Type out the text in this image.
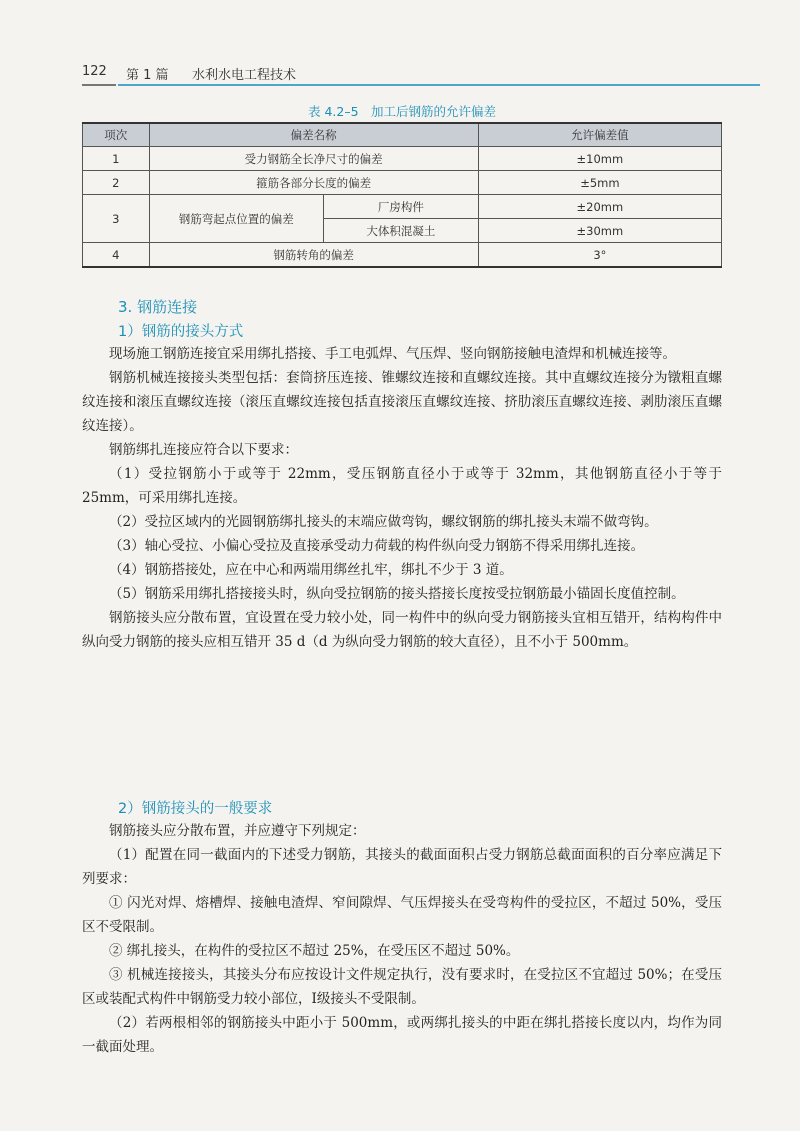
122 第 1 篇 水利水电工程技术
表 4.2–5　加工后钢筋的允许偏差
项次	偏差名称		允许偏差值
1	受力钢筋全长净尺寸的偏差		±10mm
2	箍筋各部分长度的偏差		±5mm
3	钢筋弯起点位置的偏差	厂房构件	±20mm
		大体积混凝土	±30mm
4	钢筋转角的偏差		3°
3. 钢筋连接
1）钢筋的接头方式

现场施工钢筋连接宜采用绑扎搭接、手工电弧焊、气压焊、竖向钢筋接触电渣焊和机械连接等。

钢筋机械连接接头类型包括：套筒挤压连接、锥螺纹连接和直螺纹连接。其中直螺纹连接分为镦粗直螺纹连接和滚压直螺纹连接（滚压直螺纹连接包括直接滚压直螺纹连接、挤肋滚压直螺纹连接、剥肋滚压直螺纹连接）。

钢筋绑扎连接应符合以下要求：

（1）受拉钢筋小于或等于 22mm，受压钢筋直径小于或等于 32mm，其他钢筋直径小于等于 25mm，可采用绑扎连接。

（2）受拉区域内的光圆钢筋绑扎接头的末端应做弯钩，螺纹钢筋的绑扎接头末端不做弯钩。

（3）轴心受拉、小偏心受拉及直接承受动力荷载的构件纵向受力钢筋不得采用绑扎连接。

（4）钢筋搭接处，应在中心和两端用绑丝扎牢，绑扎不少于 3 道。

（5）钢筋采用绑扎搭接接头时，纵向受拉钢筋的接头搭接长度按受拉钢筋最小锚固长度值控制。

钢筋接头应分散布置，宜设置在受力较小处，同一构件中的纵向受力钢筋接头宜相互错开，结构构件中纵向受力钢筋的接头应相互错开 35 d（d 为纵向受力钢筋的较大直径），且不小于 500mm。

2）钢筋接头的一般要求

钢筋接头应分散布置，并应遵守下列规定：

（1）配置在同一截面内的下述受力钢筋，其接头的截面面积占受力钢筋总截面面积的百分率应满足下列要求：

① 闪光对焊、熔槽焊、接触电渣焊、窄间隙焊、气压焊接头在受弯构件的受拉区，不超过 50%，受压区不受限制。

② 绑扎接头，在构件的受拉区不超过 25%，在受压区不超过 50%。

③ 机械连接接头，其接头分布应按设计文件规定执行，没有要求时，在受拉区不宜超过 50%；在受压区或装配式构件中钢筋受力较小部位，Ⅰ级接头不受限制。

（2）若两根相邻的钢筋接头中距小于 500mm，或两绑扎接头的中距在绑扎搭接长度以内，均作为同一截面处理。
